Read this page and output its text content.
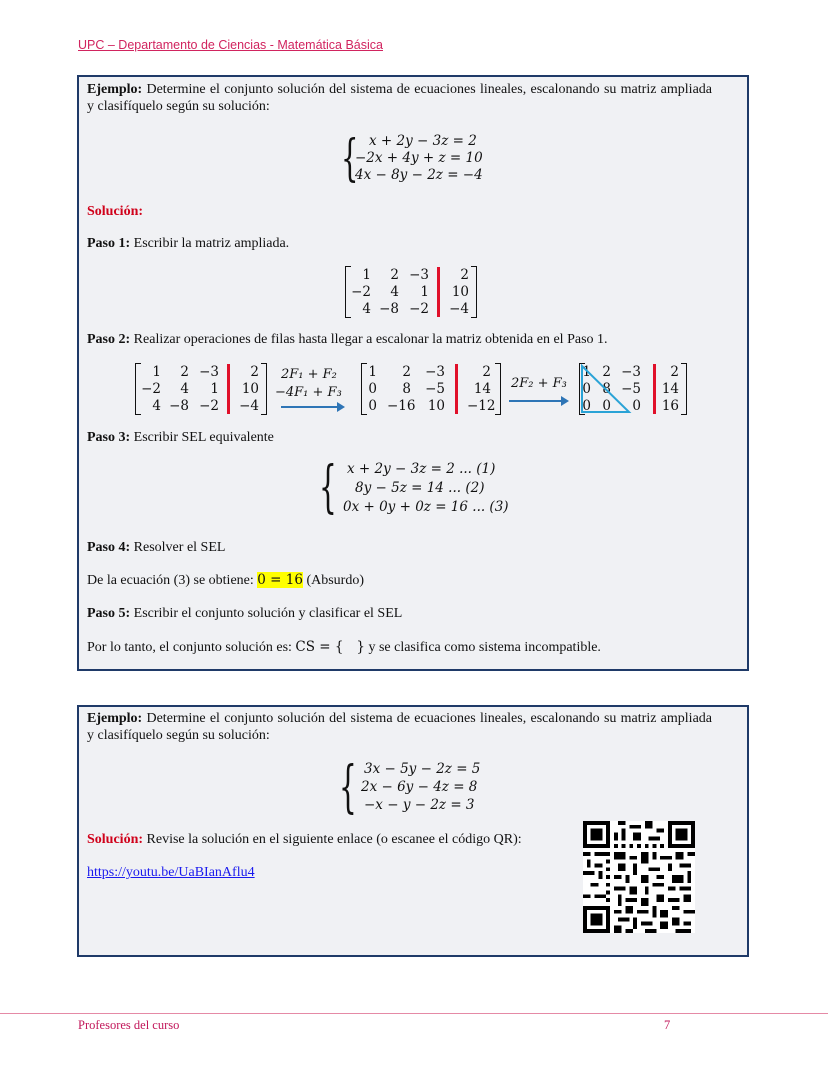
UPC – Departamento de Ciencias - Matemática Básica
Ejemplo: Determine el conjunto solución del sistema de ecuaciones lineales, escalonando su matriz ampliada y clasifíquelo según su solución:
{ x + 2y − 3z = 2
−2x + 4y + z = 10
4x − 8y − 2z = −4
Solución:
Paso 1: Escribir la matriz ampliada.
1	2 −3	2
−2	4	1	10
4 −8 −2	−4
Paso 2: Realizar operaciones de filas hasta llegar a escalonar la matriz obtenida en el Paso 1.
1	2 −3	2
−2	4	1	10
4 −8 −2	−4
2F₁ + F₂
−4F₁ + F₃
1	2	−3	2
0	8	−5	14
0 −16 10 −12
2F₂ + F₃
1 2 −3	2
0 8 −5	14
0 0	0	16
Paso 3: Escribir SEL equivalente
{ x + 2y − 3z = 2 ... (1)
8y − 5z = 14 ... (2)
0x + 0y + 0z = 16 ... (3)
Paso 4: Resolver el SEL
De la ecuación (3) se obtiene: 0 = 16 (Absurdo)
Paso 5: Escribir el conjunto solución y clasificar el SEL
Por lo tanto, el conjunto solución es: CS = {   } y se clasifica como sistema incompatible.
Ejemplo: Determine el conjunto solución del sistema de ecuaciones lineales, escalonando su matriz ampliada y clasifíquelo según su solución:
{ 3x − 5y − 2z = 5
2x − 6y − 4z = 8
−x − y − 2z = 3
Solución: Revise la solución en el siguiente enlace (o escanee el código QR):
https://youtu.be/UaBIanAflu4
Profesores del curso	7
